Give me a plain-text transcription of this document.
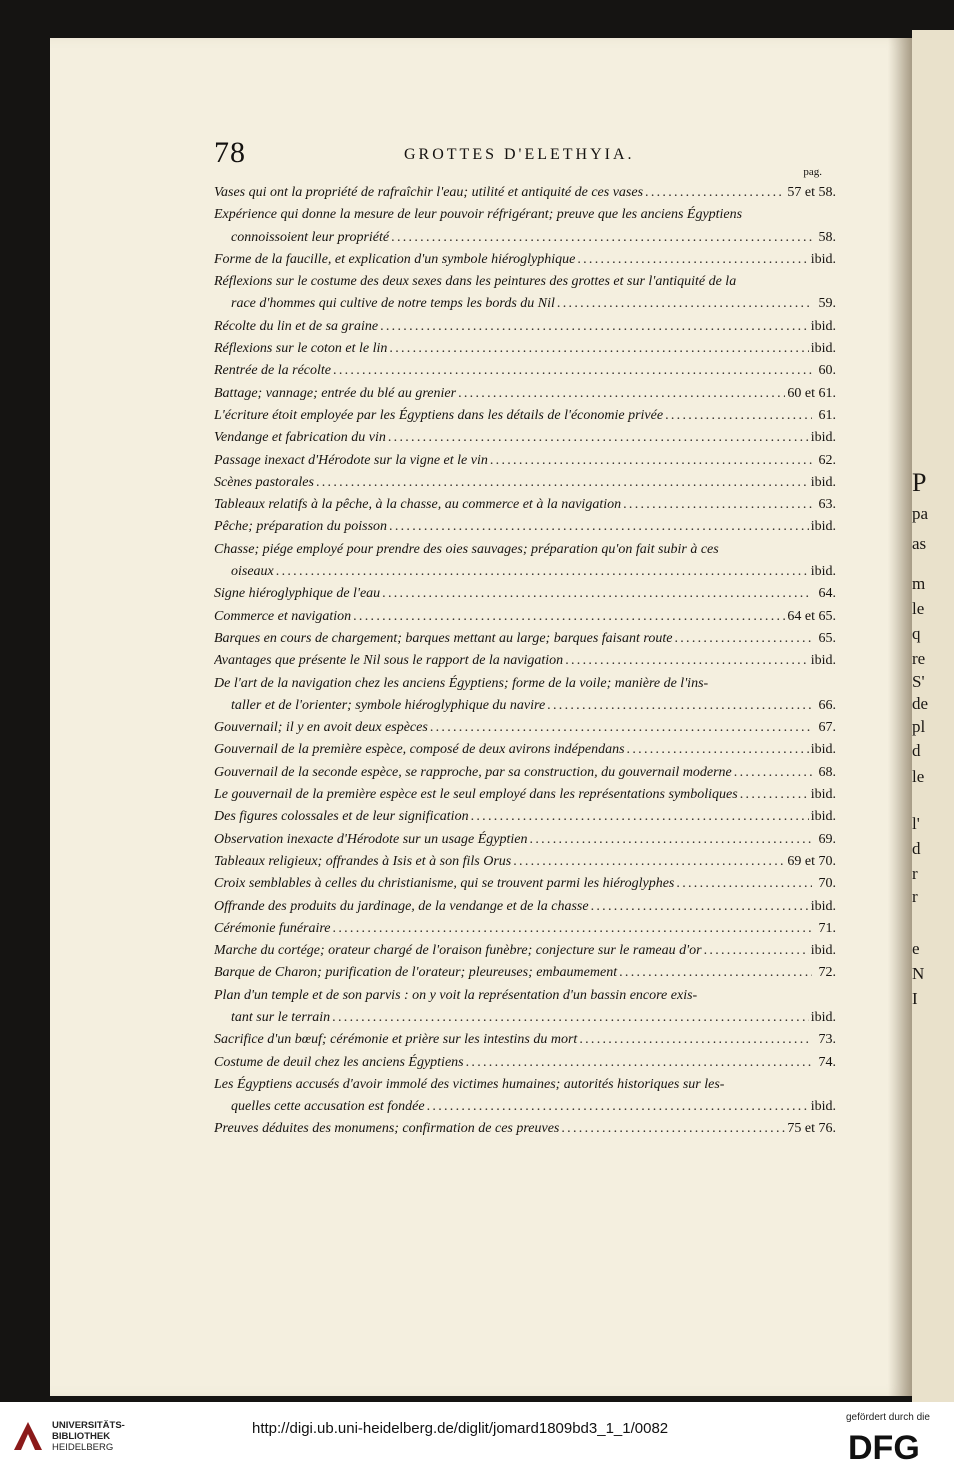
P
pa
as
m
le
q
re
S'
de
pl
d
le
l'
d
r
r
e
N
I
78	GROTTES D'ELETHYIA.
pag.
Vases qui ont la propriété de rafraîchir l'eau; utilité et antiquité de ces vases .....	57 et 58.
Expérience qui donne la mesure de leur pouvoir réfrigérant; preuve que les anciens Égyptiens
connoissoient leur propriété .....	58.
Forme de la faucille, et explication d'un symbole hiéroglyphique .....	ibid.
Réflexions sur le costume des deux sexes dans les peintures des grottes et sur l'antiquité de la
race d'hommes qui cultive de notre temps les bords du Nil .....	59.
Récolte du lin et de sa graine .....	ibid.
Réflexions sur le coton et le lin .....	ibid.
Rentrée de la récolte .....	60.
Battage; vannage; entrée du blé au grenier .....	60 et 61.
L'écriture étoit employée par les Égyptiens dans les détails de l'économie privée .....	61.
Vendange et fabrication du vin .....	ibid.
Passage inexact d'Hérodote sur la vigne et le vin .....	62.
Scènes pastorales .....	ibid.
Tableaux relatifs à la pêche, à la chasse, au commerce et à la navigation .....	63.
Pêche; préparation du poisson .....	ibid.
Chasse; piége employé pour prendre des oies sauvages; préparation qu'on fait subir à ces
oiseaux .....	ibid.
Signe hiéroglyphique de l'eau .....	64.
Commerce et navigation .....	64 et 65.
Barques en cours de chargement; barques mettant au large; barques faisant route .....	65.
Avantages que présente le Nil sous le rapport de la navigation .....	ibid.
De l'art de la navigation chez les anciens Égyptiens; forme de la voile; manière de l'ins-
taller et de l'orienter; symbole hiéroglyphique du navire .....	66.
Gouvernail; il y en avoit deux espèces .....	67.
Gouvernail de la première espèce, composé de deux avirons indépendans .....	ibid.
Gouvernail de la seconde espèce, se rapproche, par sa construction, du gouvernail moderne .....	68.
Le gouvernail de la première espèce est le seul employé dans les représentations symboliques .....	ibid.
Des figures colossales et de leur signification .....	ibid.
Observation inexacte d'Hérodote sur un usage Égyptien .....	69.
Tableaux religieux; offrandes à Isis et à son fils Orus .....	69 et 70.
Croix semblables à celles du christianisme, qui se trouvent parmi les hiéroglyphes .....	70.
Offrande des produits du jardinage, de la vendange et de la chasse .....	ibid.
Cérémonie funéraire .....	71.
Marche du cortége; orateur chargé de l'oraison funèbre; conjecture sur le rameau d'or .....	ibid.
Barque de Charon; purification de l'orateur; pleureuses; embaumement .....	72.
Plan d'un temple et de son parvis : on y voit la représentation d'un bassin encore exis-
tant sur le terrain .....	ibid.
Sacrifice d'un bœuf; cérémonie et prière sur les intestins du mort .....	73.
Costume de deuil chez les anciens Égyptiens .....	74.
Les Égyptiens accusés d'avoir immolé des victimes humaines; autorités historiques sur les-
quelles cette accusation est fondée .....	ibid.
Preuves déduites des monumens; confirmation de ces preuves .....	75 et 76.
UNIVERSITÄTS-
BIBLIOTHEK
HEIDELBERG
http://digi.ub.uni-heidelberg.de/diglit/jomard1809bd3_1_1/0082
gefördert durch die
DFG
